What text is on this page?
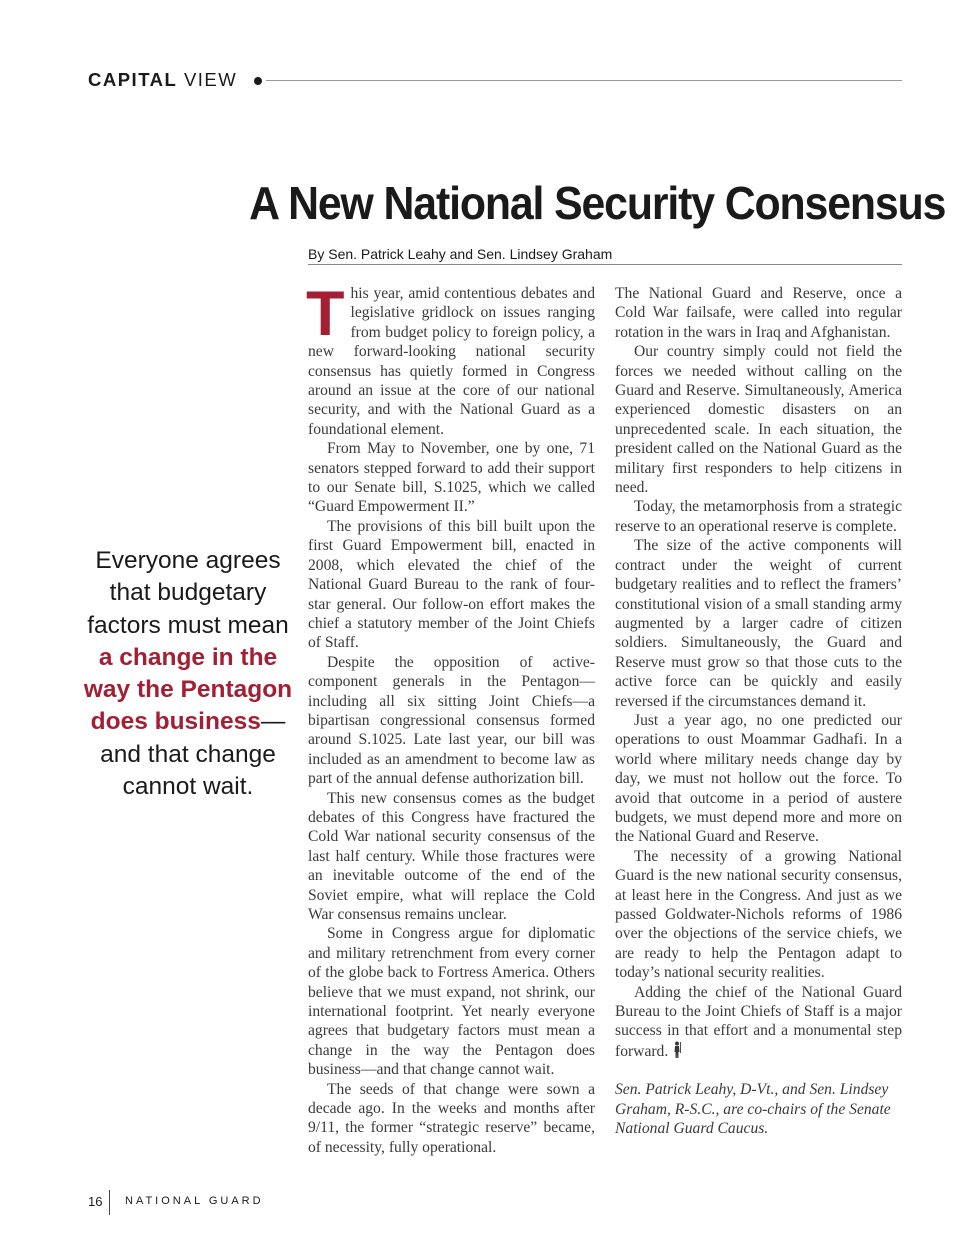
CAPITAL VIEW
A New National Security Consensus
By Sen. Patrick Leahy and Sen. Lindsey Graham
Everyone agrees that budgetary factors must mean a change in the way the Pentagon does business— and that change cannot wait.

This year, amid contentious debates and legislative gridlock on issues ranging from budget policy to foreign policy, a new forward-looking national security consensus has quietly formed in Congress around an issue at the core of our national security, and with the National Guard as a foundational element.

From May to November, one by one, 71 senators stepped forward to add their support to our Senate bill, S.1025, which we called “Guard Empowerment II.”

The provisions of this bill built upon the first Guard Empowerment bill, enacted in 2008, which elevated the chief of the National Guard Bureau to the rank of four-star general. Our follow-on effort makes the chief a statutory member of the Joint Chiefs of Staff.

Despite the opposition of active-component generals in the Pentagon—including all six sitting Joint Chiefs—a bipartisan congressional consensus formed around S.1025. Late last year, our bill was included as an amendment to become law as part of the annual defense authorization bill.

This new consensus comes as the budget debates of this Congress have fractured the Cold War national security consensus of the last half century. While those fractures were an inevitable outcome of the end of the Soviet empire, what will replace the Cold War consensus remains unclear.

Some in Congress argue for diplomatic and military retrenchment from every corner of the globe back to Fortress America. Others believe that we must expand, not shrink, our international footprint. Yet nearly everyone agrees that budgetary factors must mean a change in the way the Pentagon does business—and that change cannot wait.

The seeds of that change were sown a decade ago. In the weeks and months after 9/11, the former “strategic reserve” became, of necessity, fully operational.

The National Guard and Reserve, once a Cold War failsafe, were called into regular rotation in the wars in Iraq and Afghanistan.

Our country simply could not field the forces we needed without calling on the Guard and Reserve. Simultaneously, America experienced domestic disasters on an unprecedented scale. In each situation, the president called on the National Guard as the military first responders to help citizens in need.

Today, the metamorphosis from a strategic reserve to an operational reserve is complete.

The size of the active components will contract under the weight of current budgetary realities and to reflect the framers’ constitutional vision of a small standing army augmented by a larger cadre of citizen soldiers. Simultaneously, the Guard and Reserve must grow so that those cuts to the active force can be quickly and easily reversed if the circumstances demand it.

Just a year ago, no one predicted our operations to oust Moammar Gadhafi. In a world where military needs change day by day, we must not hollow out the force. To avoid that outcome in a period of austere budgets, we must depend more and more on the National Guard and Reserve.

The necessity of a growing National Guard is the new national security consensus, at least here in the Congress. And just as we passed Goldwater-Nichols reforms of 1986 over the objections of the service chiefs, we are ready to help the Pentagon adapt to today’s national security realities.

Adding the chief of the National Guard Bureau to the Joint Chiefs of Staff is a major success in that effort and a monumental step forward.

Sen. Patrick Leahy, D-Vt., and Sen. Lindsey Graham, R-S.C., are co-chairs of the Senate National Guard Caucus.

16 NATIONAL GUARD
